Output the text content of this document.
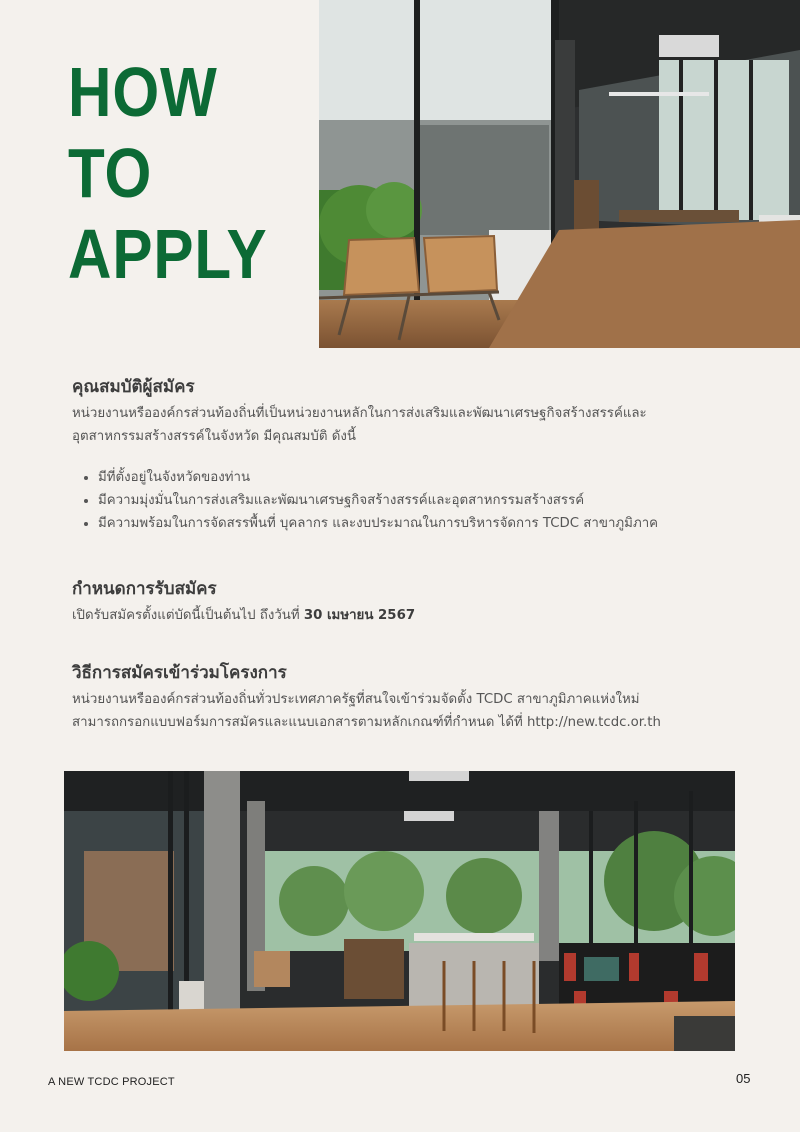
HOW
TO
APPLY
คุณสมบัติผู้สมัคร

หน่วยงานหรือองค์กรส่วนท้องถิ่นที่เป็นหน่วยงานหลักในการส่งเสริมและพัฒนาเศรษฐกิจสร้างสรรค์และ
อุตสาหกรรมสร้างสรรค์ในจังหวัด มีคุณสมบัติ ดังนี้

• มีที่ตั้งอยู่ในจังหวัดของท่าน
• มีความมุ่งมั่นในการส่งเสริมและพัฒนาเศรษฐกิจสร้างสรรค์และอุตสาหกรรมสร้างสรรค์
• มีความพร้อมในการจัดสรรพื้นที่ บุคลากร และงบประมาณในการบริหารจัดการ TCDC สาขาภูมิภาค
กำหนดการรับสมัคร

เปิดรับสมัครตั้งแต่บัดนี้เป็นต้นไป ถึงวันที่ 30 เมษายน 2567

วิธีการสมัครเข้าร่วมโครงการ

หน่วยงานหรือองค์กรส่วนท้องถิ่นทั่วประเทศภาครัฐที่สนใจเข้าร่วมจัดตั้ง TCDC สาขาภูมิภาคแห่งใหม่
สามารถกรอกแบบฟอร์มการสมัครและแนบเอกสารตามหลักเกณฑ์ที่กำหนด ได้ที่ http://new.tcdc.or.th

A NEW TCDC PROJECT	05
